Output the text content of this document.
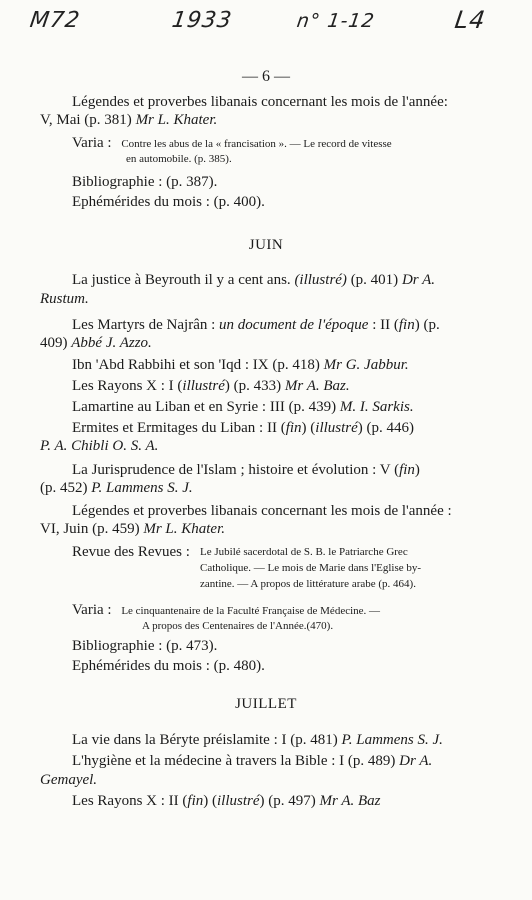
M72	1933	n° 1-12	L4
— 6 —
Légendes et proverbes libanais concernant les mois de l'année:
V, Mai (p. 381) Mr L. Khater.
Varia : Contre les abus de la « francisation ». — Le record de vitesse
en automobile. (p. 385).
Bibliographie : (p. 387).
Ephémérides du mois : (p. 400).
JUIN
La justice à Beyrouth il y a cent ans. (illustré) (p. 401) Dr A.
Rustum.
Les Martyrs de Najrân : un document de l'époque : II (fin) (p.
409) Abbé J. Azzo.
Ibn 'Abd Rabbihi et son 'Iqd : IX (p. 418) Mr G. Jabbur.
Les Rayons X : I (illustré) (p. 433) Mr A. Baz.
Lamartine au Liban et en Syrie : III (p. 439) M. I. Sarkis.
Ermites et Ermitages du Liban : II (fin) (illustré) (p. 446)
P. A. Chibli O. S. A.
La Jurisprudence de l'Islam ; histoire et évolution : V (fin)
(p. 452) P. Lammens S. J.
Légendes et proverbes libanais concernant les mois de l'année :
VI, Juin (p. 459) Mr L. Khater.
Revue des Revues : Le Jubilé sacerdotal de S. B. le Patriarche Grec
Catholique. — Le mois de Marie dans l'Eglise by-
zantine. — A propos de littérature arabe (p. 464).
Varia : Le cinquantenaire de la Faculté Française de Médecine. —
A propos des Centenaires de l'Année.(470).
Bibliographie : (p. 473).
Ephémérides du mois : (p. 480).
JUILLET
La vie dans la Béryte préislamite : I (p. 481) P. Lammens S. J.
L'hygiène et la médecine à travers la Bible : I (p. 489) Dr A.
Gemayel.
Les Rayons X : II (fin) (illustré) (p. 497) Mr A. Baz
